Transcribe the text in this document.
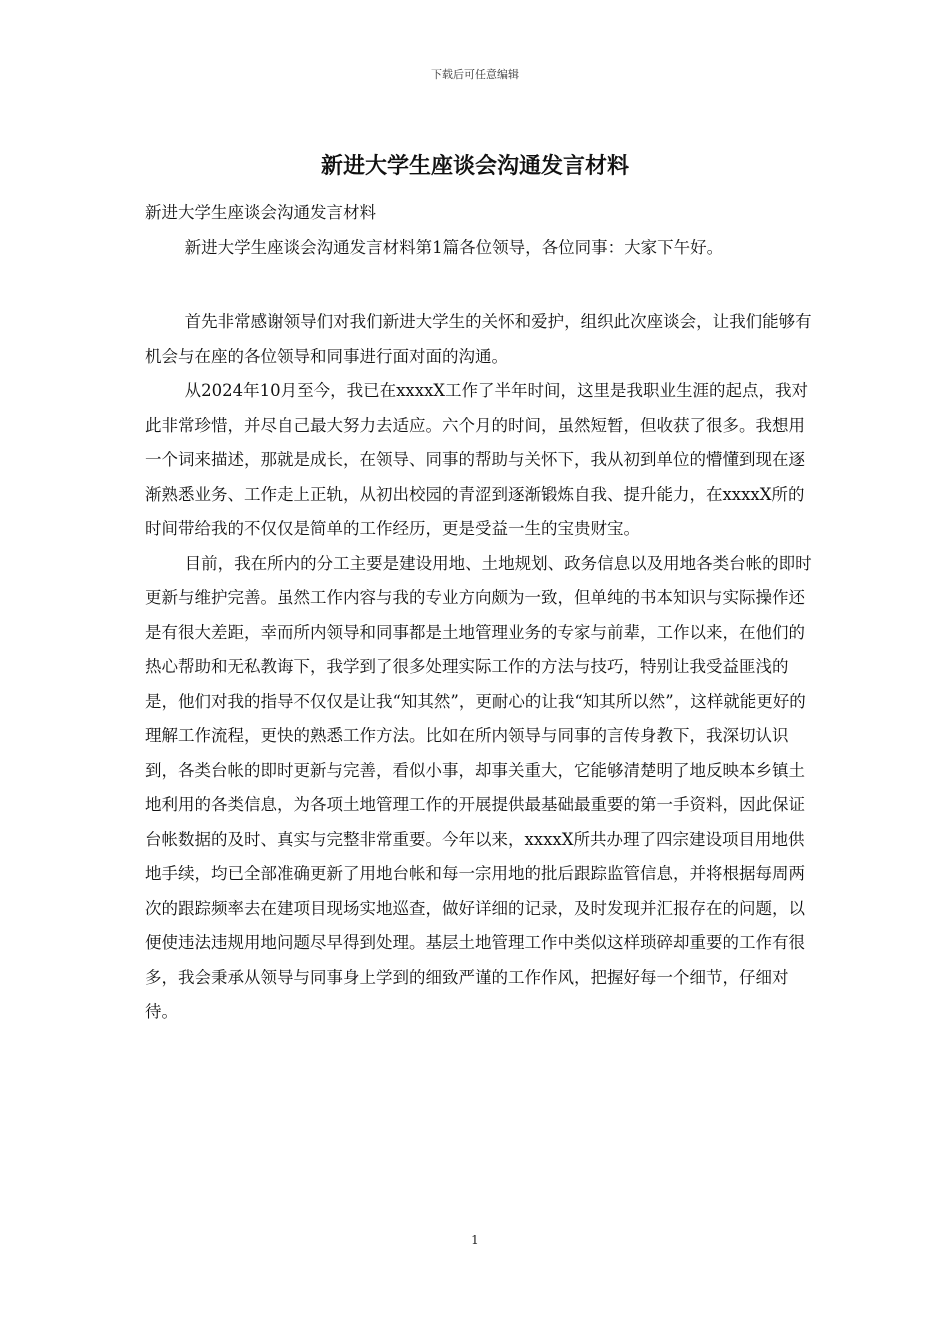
下载后可任意编辑
新进大学生座谈会沟通发言材料

新进大学生座谈会沟通发言材料

新进大学生座谈会沟通发言材料第1篇各位领导，各位同事：大家下午好。

首先非常感谢领导们对我们新进大学生的关怀和爱护，组织此次座谈会，让我们能够有机会与在座的各位领导和同事进行面对面的沟通。

从2024年10月至今，我已在xxxxX工作了半年时间，这里是我职业生涯的起点，我对此非常珍惜，并尽自己最大努力去适应。六个月的时间，虽然短暂，但收获了很多。我想用一个词来描述，那就是成长，在领导、同事的帮助与关怀下，我从初到单位的懵懂到现在逐渐熟悉业务、工作走上正轨，从初出校园的青涩到逐渐锻炼自我、提升能力，在xxxxX所的时间带给我的不仅仅是简单的工作经历，更是受益一生的宝贵财宝。

目前，我在所内的分工主要是建设用地、土地规划、政务信息以及用地各类台帐的即时更新与维护完善。虽然工作内容与我的专业方向颇为一致，但单纯的书本知识与实际操作还是有很大差距，幸而所内领导和同事都是土地管理业务的专家与前辈，工作以来，在他们的热心帮助和无私教诲下，我学到了很多处理实际工作的方法与技巧，特别让我受益匪浅的是，他们对我的指导不仅仅是让我“知其然”，更耐心的让我“知其所以然”，这样就能更好的理解工作流程，更快的熟悉工作方法。比如在所内领导与同事的言传身教下，我深切认识到，各类台帐的即时更新与完善，看似小事，却事关重大，它能够清楚明了地反映本乡镇土地利用的各类信息，为各项土地管理工作的开展提供最基础最重要的第一手资料，因此保证台帐数据的及时、真实与完整非常重要。今年以来，xxxxX所共办理了四宗建设项目用地供地手续，均已全部准确更新了用地台帐和每一宗用地的批后跟踪监管信息，并将根据每周两次的跟踪频率去在建项目现场实地巡查，做好详细的记录，及时发现并汇报存在的问题，以便使违法违规用地问题尽早得到处理。基层土地管理工作中类似这样琐碎却重要的工作有很多，我会秉承从领导与同事身上学到的细致严谨的工作作风，把握好每一个细节，仔细对待。

1
